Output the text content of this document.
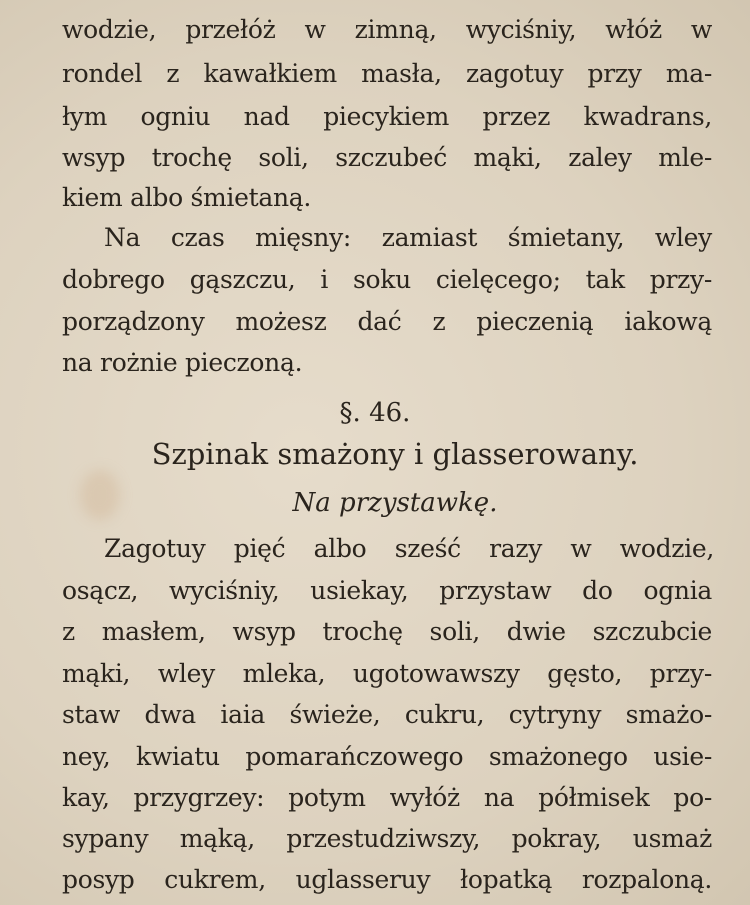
wodzie, przełóż w zimną, wyciśniy, włóż w
rondel z kawałkiem masła, zagotuy przy ma-
łym ogniu nad piecykiem przez kwadrans,
wsyp trochę soli, szczubeć mąki, zaley mle-
kiem albo śmietaną.
Na czas mięsny: zamiast śmietany, wley
dobrego gąszczu, i soku cielęcego; tak przy-
porządzony możesz dać z pieczenią iakową
na rożnie pieczoną.
§. 46.
Szpinak smażony i glasserowany.
Na przystawkę.
Zagotuy pięć albo sześć razy w wodzie,
osącz, wyciśniy, usiekay, przystaw do ognia
z masłem, wsyp trochę soli, dwie szczubcie
mąki, wley mleka, ugotowawszy gęsto, przy-
staw dwa iaia świeże, cukru, cytryny smażo-
ney, kwiatu pomarańczowego smażonego usie-
kay, przygrzey: potym wyłóż na półmisek po-
sypany mąką, przestudziwszy, pokray, usmaż
posyp cukrem, uglasseruy łopatką rozpaloną.
